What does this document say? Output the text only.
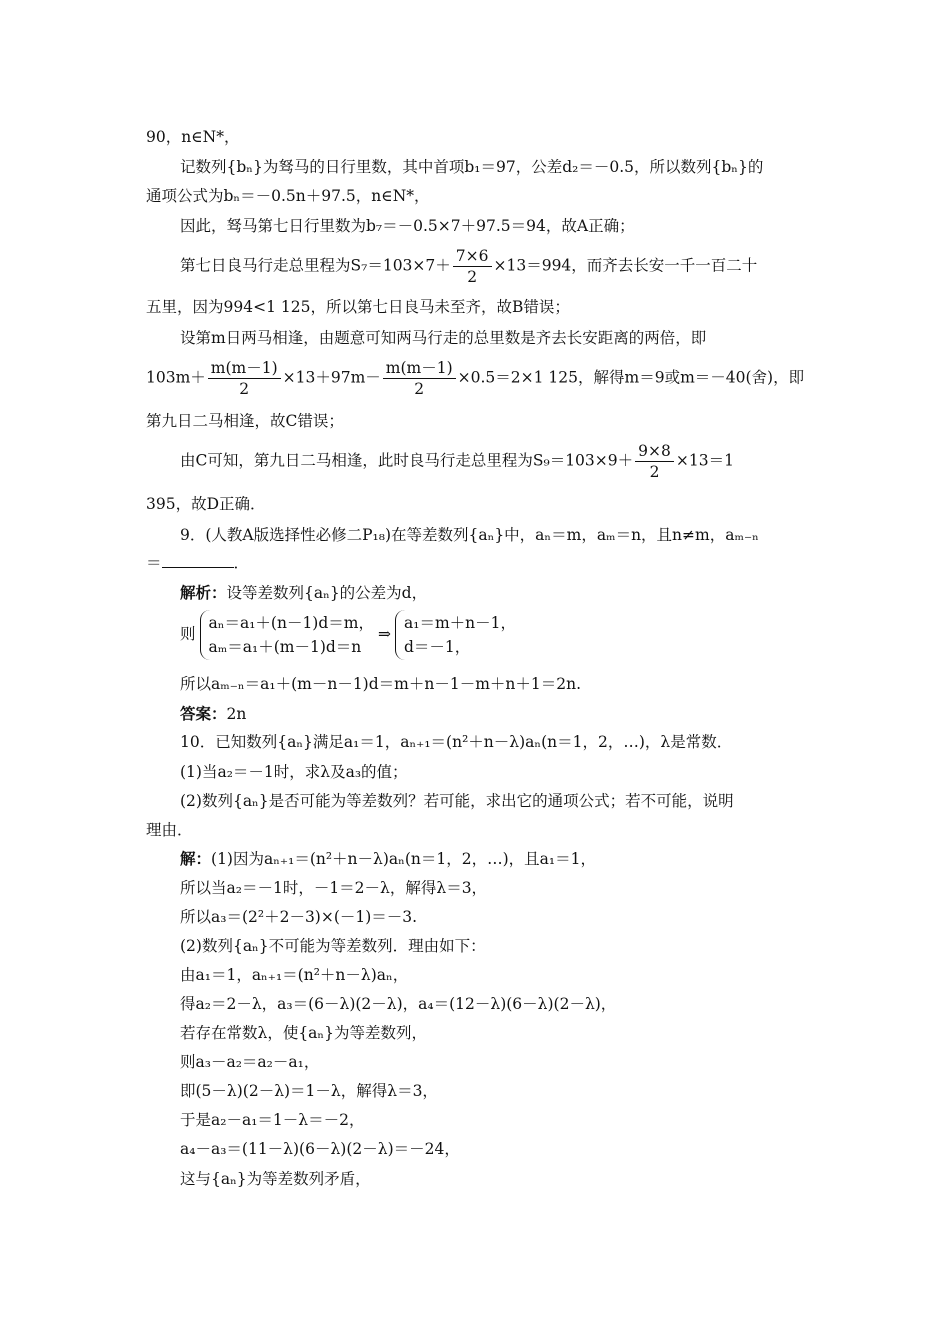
90，n∈N*，
记数列{bₙ}为驽马的日行里数，其中首项b₁＝97，公差d₂＝－0.5，所以数列{bₙ}的
通项公式为bₙ＝－0.5n＋97.5，n∈N*，
因此，驽马第七日行里数为b₇＝－0.5×7＋97.5＝94，故A正确；
第七日良马行走总里程为$S_7=103\times 7+ \frac{7\times 6}{2} \times 13=994$，而齐去长安一千一百二十
五里，因为994<1 125，所以第七日良马未至齐，故B错误；
设第m日两马相逢，由题意可知两马行走的总里数是齐去长安距离的两倍，即
$103m+ \frac{m(m-1)}{2} \times 13+97m- \frac{m(m-1)}{2} \times 0.5=2\times 1$ 125，解得m＝9或m＝－40(舍)，即
第九日二马相逢，故C错误；
由C可知，第九日二马相逢，此时良马行走总里程为$S_9=103\times 9+ \frac{9\times 8}{2} \times 13=1$
395，故D正确．
9．(人教A版选择性必修二P₁₈)在等差数列{aₙ}中，aₙ＝m，aₘ＝n，且n≠m，aₘ₋ₙ
＝	．
解析：设等差数列{aₙ}的公差为d，
则
aₙ＝a₁＋(n－1)d＝m，
aₘ＝a₁＋(m－1)d＝n
⇒
a₁＝m＋n－1，
d＝－1，
所以aₘ₋ₙ＝a₁＋(m－n－1)d＝m＋n－1－m＋n＋1＝2n.
答案：2n
10．已知数列{aₙ}满足a₁＝1，aₙ₊₁＝(n²＋n－λ)aₙ(n＝1，2，…)，λ是常数．
(1)当a₂＝－1时，求λ及a₃的值；
(2)数列{aₙ}是否可能为等差数列？若可能，求出它的通项公式；若不可能，说明
理由．
解：(1)因为aₙ₊₁＝(n²＋n－λ)aₙ(n＝1，2，…)，且a₁＝1，
所以当a₂＝－1时，－1＝2－λ，解得λ＝3，
所以a₃＝(2²＋2－3)×(－1)＝－3.
(2)数列{aₙ}不可能为等差数列．理由如下：
由a₁＝1，aₙ₊₁＝(n²＋n－λ)aₙ，
得a₂＝2－λ，a₃＝(6－λ)(2－λ)，a₄＝(12－λ)(6－λ)(2－λ)，
若存在常数λ，使{aₙ}为等差数列，
则a₃－a₂＝a₂－a₁，
即(5－λ)(2－λ)＝1－λ，解得λ＝3，
于是a₂－a₁＝1－λ＝－2，
a₄－a₃＝(11－λ)(6－λ)(2－λ)＝－24，
这与{aₙ}为等差数列矛盾，
